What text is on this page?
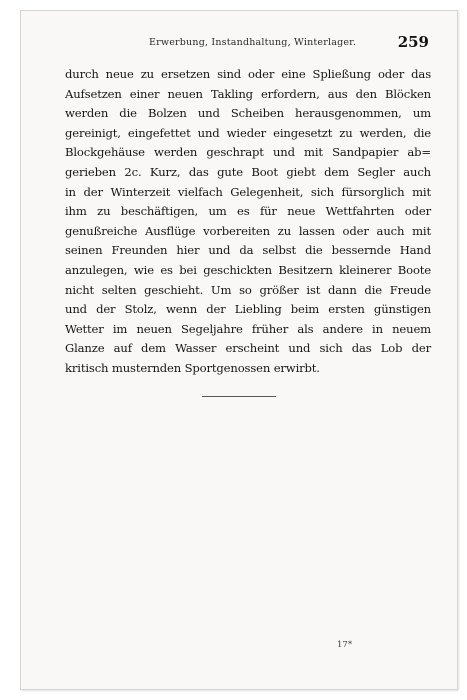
Erwerbung, Instandhaltung, Winterlager.	259
durch neue zu ersetzen sind oder eine Spließung oder das
Aufsetzen einer neuen Takling erfordern, aus den Blöcken
werden die Bolzen und Scheiben herausgenommen, um
gereinigt, eingefettet und wieder eingesetzt zu werden, die
Blockgehäuse werden geschrapt und mit Sandpapier ab=
gerieben 2c. Kurz, das gute Boot giebt dem Segler auch
in der Winterzeit vielfach Gelegenheit, sich fürsorglich mit
ihm zu beschäftigen, um es für neue Wettfahrten oder
genußreiche Ausflüge vorbereiten zu lassen oder auch mit
seinen Freunden hier und da selbst die bessernde Hand
anzulegen, wie es bei geschickten Besitzern kleinerer Boote
nicht selten geschieht. Um so größer ist dann die Freude
und der Stolz, wenn der Liebling beim ersten günstigen
Wetter im neuen Segeljahre früher als andere in neuem
Glanze auf dem Wasser erscheint und sich das Lob der
kritisch musternden Sportgenossen erwirbt.
17*
